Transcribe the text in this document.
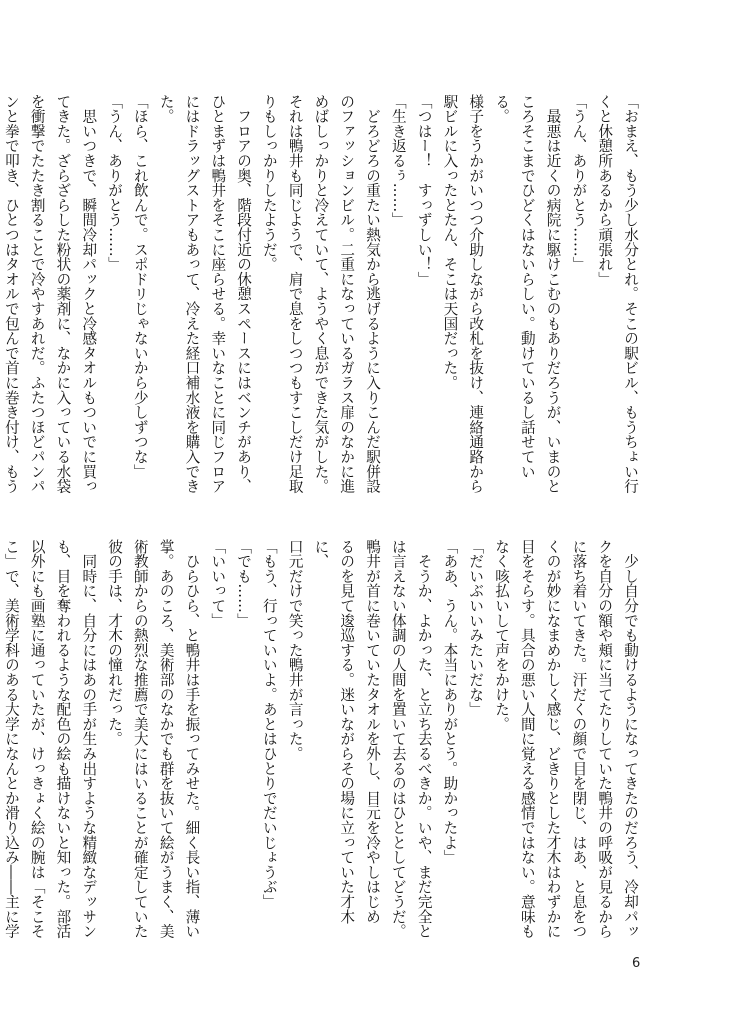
「おまえ、もう少し水分とれ。そこの駅ビル、もうちょい行
くと休憩所あるから頑張れ」
「うん、ありがとう……」
　最悪は近くの病院に駆けこむのもありだろうが、いまのと
ころそこまでひどくはないらしい。動けているし話せている。
様子をうかがいつつ介助しながら改札を抜け、連絡通路から
駅ビルに入ったとたん、そこは天国だった。
「つはー！　すっずしい！」
「生き返るぅ……」
　どろどろの重たい熱気から逃げるように入りこんだ駅併設
のファッションビル。二重になっているガラス扉のなかに進
めばしっかりと冷えていて、ようやく息ができた気がした。
それは鴨井も同じようで、肩で息をしつつもすこしだけ足取
りもしっかりしたようだ。
　フロアの奥、階段付近の休憩スペースにはベンチがあり、
ひとまずは鴨井をそこに座らせる。幸いなことに同じフロア
にはドラッグストアもあって、冷えた経口補水液を購入でき
た。
「ほら、これ飲んで。スポドリじゃないから少しずつな」
「うん、ありがとう……」
　思いつきで、瞬間冷却パックと冷感タオルもついでに買っ
てきた。ざらざらした粉状の薬剤に、なかに入っている水袋
を衝撃でたたき割ることで冷やすあれだ。ふたつほどパンパ
ンと拳で叩き、ひとつはタオルで包んで首に巻き付け、もう
　少し自分でも動けるようになってきたのだろう、冷却パッ
クを自分の額や頬に当てたりしていた鴨井の呼吸が見るから
に落ち着いてきた。汗だくの顔で目を閉じ、はあ、と息をつ
くのが妙になまめかしく感じ、どきりとした才木はわずかに
目をそらす。具合の悪い人間に覚える感情ではない。意味も
なく咳払いして声をかけた。
「だいぶいいみたいだな」
「ああ、うん。本当にありがとう。助かったよ」
　そうか、よかった、と立ち去るべきか。いや、まだ完全と
は言えない体調の人間を置いて去るのはひととしてどうだ。
鴨井が首に巻いていたタオルを外し、目元を冷やしはじめ
るのを見て逡巡する。迷いながらその場に立っていた才木に、
口元だけで笑った鴨井が言った。
「もう、行っていいよ。あとはひとりでだいじょうぶ」
「でも……」
「いいって」
　ひらひら、と鴨井は手を振ってみせた。細く長い指、薄い
掌。あのころ、美術部のなかでも群を抜いて絵がうまく、美
術教師からの熱烈な推薦で美大にはいることが確定していた
彼の手は、才木の憧れだった。
　同時に、自分にはあの手が生み出すような精緻なデッサン
も、目を奪われるような配色の絵も描けないと知った。部活
以外にも画塾に通っていたが、けっきょく絵の腕は「そこそ
こ」で、美術学科のある大学になんとか滑り込み――主に学
6
